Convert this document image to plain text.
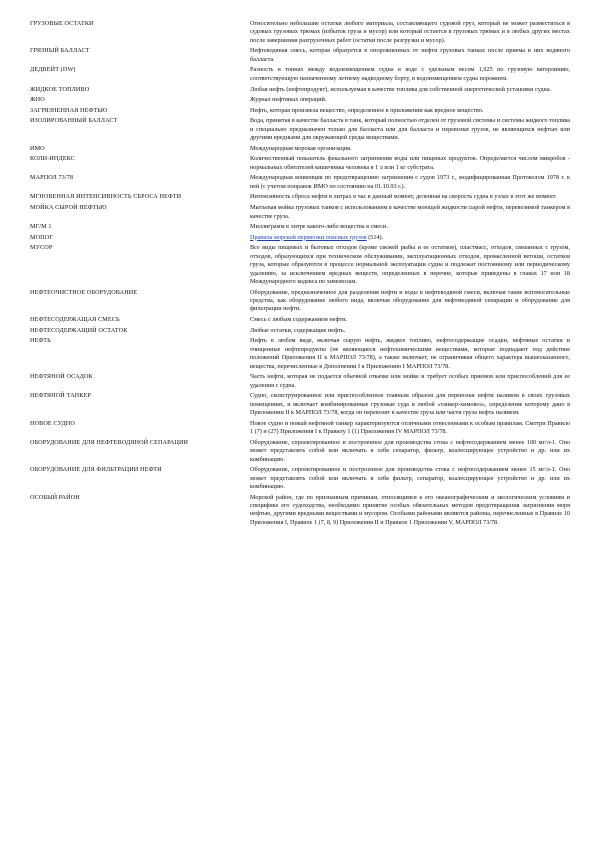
ГРУЗОВЫЕ ОСТАТКИ	Относительно небольшие остатки любого материала, составляющего судовой груз, который не может разместиться в судовых грузовых трюмах (избыток груза и мусор) или который остается в грузовых трюмах и в любых других местах после завершения разгрузочных работ (остатки после разгрузки и мусор).
ГРЯЗНЫЙ БАЛЛАСТ	Нефтеводяная смесь, которая образуется в опорожненных от нефти грузовых танках после приема в них водяного балласта.
ДЕДВЕЙТ (DW)	Разность в тоннах между водоизмещением судна в воде с удельным весом 1,025 по грузовую ватерлинию, соответствующую назначенному летнему надводному борту, и водоизмещением судна порожнем.
ЖИДКОЕ ТОПЛИВО	Любая нефть (нефтепродукт), используемая в качестве топлива для собственной энергетической установки судна.
ЖНО	Журнал нефтяных операций.
ЗАГРЯЗНЕННАЯ НЕФТЬЮ	Нефть, которая произвела вещество, определенное в приложении как вредное вещество.
ИЗОЛИРОВАННЫЙ БАЛЛАСТ	Вода, принятая в качестве балласта в танк, который полностью отделен от грузовой системы и системы жидкого топлива и специально предназначен только для балласта или для балласта и перевозки грузов, не являющихся нефтью или другими вредными для окружающей среды веществами.
ИМО	Международная морская организация.
КОЛИ-ИНДЕКС	Количественный показатель фекального загрязнения воды или пищевых продуктов. Определяется числом микробов - нормальных обитателей кишечника человека в 1 л или 1 кг субстрата.
МАРПОЛ 73/78	Международная конвенция по предотвращению загрязнения с судов 1973 г., модифицированная Протоколом 1978 г. к ней (с учетом поправок ИМО по состоянию на 01.10.93 г.).
МГНОВЕННАЯ ИНТЕНСИВНОСТЬ СБРОСА НЕФТИ	Интенсивность сброса нефти в литрах в час в данный момент, деленная на скорость судна в узлах в этот же момент.
МОЙКА СЫРОЙ НЕФТЬЮ	Мытьевая мойка грузовых танков с использованием в качестве моющей жидкости сырой нефти, перевозимой танкером в качестве груза.
МГ/М 1	Миллиграмм в литре какого-либо вещества в смеси.
МОПОГ	Правила морской перевозки опасных грузов (514).
МУСОР	Все виды пищевых и бытовых отходов (кроме свежей рыбы и ее остатков), пластмасс, отходов, связанных с грузом, отходов, образующихся при техническом обслуживании, эксплуатационных отходов, промасленной ветоши, остатков груза, которые образуются в процессе нормальной эксплуатации судна и подлежат постоянному или периодическому удалению, за исключением вредных веществ, определенных в перечне, которые приведены в главах 17 или 18 Международного кодекса по химовозам.
НЕФТЕОЧИСТНОЕ ОБОРУДОВАНИЕ	Оборудование, предназначенное для разделения нефти и воды в нефтеводяной смеси, включая такие вспомогательные средства, как оборудование любого вида, включая оборудование для нефтеводяной сепарации и оборудование для фильтрации нефти.
НЕФТЕСОДЕРЖАЩАЯ СМЕСЬ	Смесь с любым содержанием нефти.
НЕФТЕСОДЕРЖАЩИЙ ОСТАТОК	Любые остатки, содержащие нефть.
НЕФТЬ	Нефть в любом виде, включая сырую нефть, жидкое топливо, нефтесодержащие осадки, нефтяные остатки и очищенные нефтепродукты (не являющиеся нефтехимическими веществами, которые подпадают под действие положений Приложения II к МАРПОЛ 73/78), а также включает, не ограничивая общего характера вышесказанного, вещества, перечисленные в Дополнении I к Приложению I МАРПОЛ 73/78.
НЕФТЯНОЙ ОСАДОК	Часть нефти, которая не подается обычной откачке или мойке и требует особых приемов или приспособлений для ее удаления с судна.
НЕФТЯНОЙ ТАНКЕР	Судно, сконструированное или приспособленное главным образом для перевозки нефти наливом в своих грузовых помещениях, и включает комбинированные грузовые суда и любой «танкер-химовоз», определение которому дано в Приложении II к МАРПОЛ 73/78, когда он перевозит в качестве груза или части груза нефть наливом.
НОВОЕ СУДНО	Новое судно и новый нефтяной танкер характеризуются отличными отнесенными к особым правилам. Смотри Правило 1 (7) и (27) Приложения I к Правилу 1 (1) Приложения IV МАРПОЛ 73/78.
ОБОРУДОВАНИЕ ДЛЯ НЕФТЕВОДЯНОЙ СЕПАРАЦИИ	Оборудование, спроектированное и построенное для производства стока с нефтесодержанием менее 100 мг/л-1. Оно может представлять собой или включать в себя сепаратор, фильтр, коалесцирующее устройство и др. или их комбинацию.
ОБОРУДОВАНИЕ ДЛЯ ФИЛЬТРАЦИИ НЕФТИ	Оборудование, спроектированное и построенное для производства стока с нефтесодержанием менее 15 мг/л-1. Оно может представлять собой или включать в себя фильтр, сепаратор, коалесцирующее устройство и др. или их комбинацию.
ОСОБЫЙ РАЙОН	Морской район, где по признанным причинам, относящимся к его океанографическим и экологическим условиям и специфике его судоходства, необходимо принятие особых обязательных методов предотвращения загрязнения моря нефтью, другими вредными веществами и мусором. Особыми районами являются районы, перечисленные в Правиле 10 Приложения I, Правиле 1 (7, 8, 9) Приложения II и Правиле 1 Приложения V, МАРПОЛ 73/78.
